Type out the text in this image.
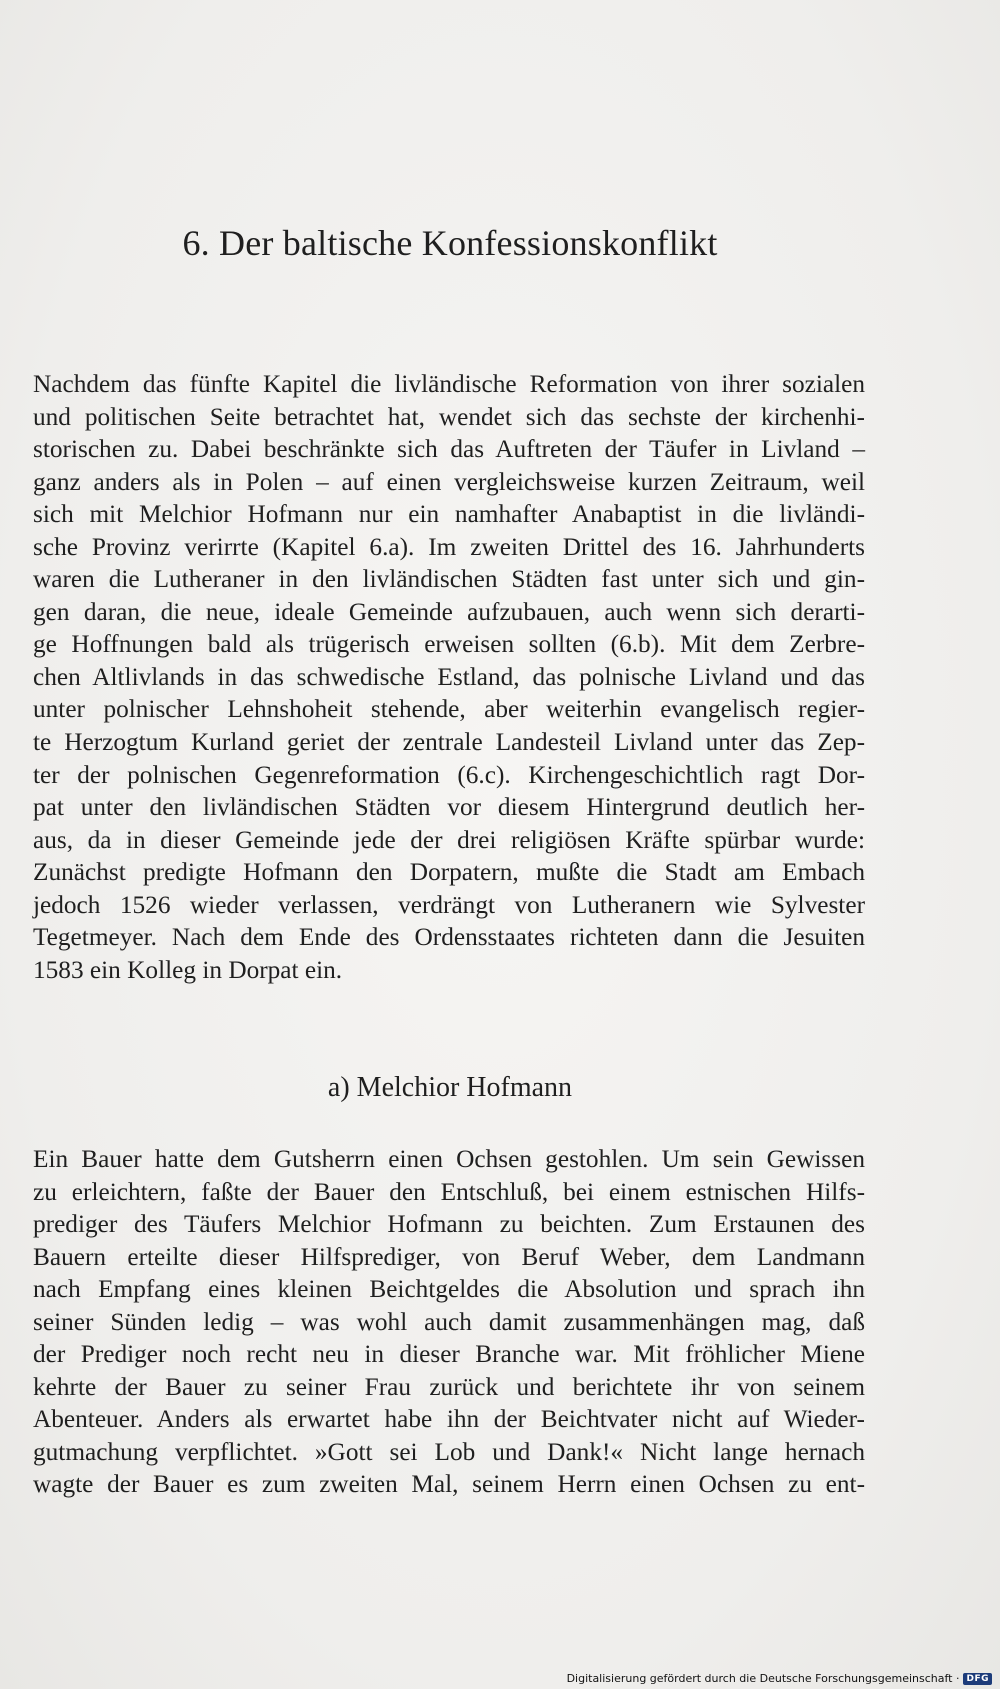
6. Der baltische Konfessionskonflikt
Nachdem das fünfte Kapitel die livländische Reformation von ihrer sozialen
und politischen Seite betrachtet hat, wendet sich das sechste der kirchenhi-
storischen zu. Dabei beschränkte sich das Auftreten der Täufer in Livland –
ganz anders als in Polen – auf einen vergleichsweise kurzen Zeitraum, weil
sich mit Melchior Hofmann nur ein namhafter Anabaptist in die livländi-
sche Provinz verirrte (Kapitel 6.a). Im zweiten Drittel des 16. Jahrhunderts
waren die Lutheraner in den livländischen Städten fast unter sich und gin-
gen daran, die neue, ideale Gemeinde aufzubauen, auch wenn sich derarti-
ge Hoffnungen bald als trügerisch erweisen sollten (6.b). Mit dem Zerbre-
chen Altlivlands in das schwedische Estland, das polnische Livland und das
unter polnischer Lehnshoheit stehende, aber weiterhin evangelisch regier-
te Herzogtum Kurland geriet der zentrale Landesteil Livland unter das Zep-
ter der polnischen Gegenreformation (6.c). Kirchengeschichtlich ragt Dor-
pat unter den livländischen Städten vor diesem Hintergrund deutlich her-
aus, da in dieser Gemeinde jede der drei religiösen Kräfte spürbar wurde:
Zunächst predigte Hofmann den Dorpatern, mußte die Stadt am Embach
jedoch 1526 wieder verlassen, verdrängt von Lutheranern wie Sylvester
Tegetmeyer. Nach dem Ende des Ordensstaates richteten dann die Jesuiten
1583 ein Kolleg in Dorpat ein.
a) Melchior Hofmann
Ein Bauer hatte dem Gutsherrn einen Ochsen gestohlen. Um sein Gewissen
zu erleichtern, faßte der Bauer den Entschluß, bei einem estnischen Hilfs-
prediger des Täufers Melchior Hofmann zu beichten. Zum Erstaunen des
Bauern erteilte dieser Hilfsprediger, von Beruf Weber, dem Landmann
nach Empfang eines kleinen Beichtgeldes die Absolution und sprach ihn
seiner Sünden ledig – was wohl auch damit zusammenhängen mag, daß
der Prediger noch recht neu in dieser Branche war. Mit fröhlicher Miene
kehrte der Bauer zu seiner Frau zurück und berichtete ihr von seinem
Abenteuer. Anders als erwartet habe ihn der Beichtvater nicht auf Wieder-
gutmachung verpflichtet. »Gott sei Lob und Dank!« Nicht lange hernach
wagte der Bauer es zum zweiten Mal, seinem Herrn einen Ochsen zu ent-
Digitalisierung gefördert durch die Deutsche Forschungsgemeinschaft · DFG
